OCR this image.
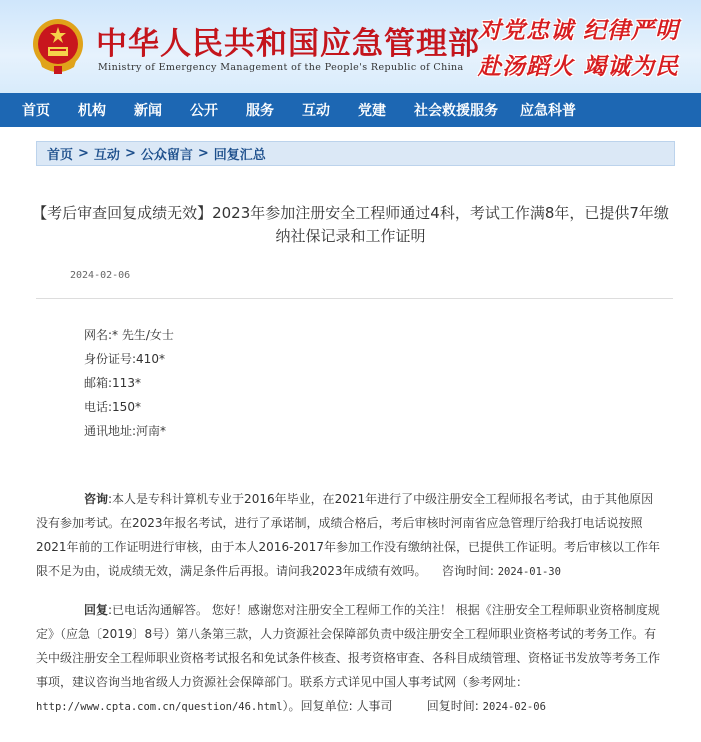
中华人民共和国应急管理部
Ministry of Emergency Management of the People's Republic of China
对党忠诚 纪律严明
赴汤蹈火 竭诚为民
首页 机构 新闻 公开 服务 互动 党建 社会救援服务 应急科普
首页 > 互动 > 公众留言 > 回复汇总
【考后审查回复成绩无效】2023年参加注册安全工程师通过4科，考试工作满8年，已提供7年缴纳社保记录和工作证明
2024-02-06
网名:* 先生/女士
身份证号:410*
邮箱:113*
电话:150*
通讯地址:河南*
咨询:本人是专科计算机专业于2016年毕业，在2021年进行了中级注册安全工程师报名考试，由于其他原因没有参加考试。在2023年报名考试，进行了承诺制，成绩合格后，考后审核时河南省应急管理厅给我打电话说按照2021年前的工作证明进行审核，由于本人2016-2017年参加工作没有缴纳社保，已提供工作证明。考后审核以工作年限不足为由，说成绩无效，满足条件后再报。请问我2023年成绩有效吗。 咨询时间: 2024-01-30
回复:已电话沟通解答。 您好！感谢您对注册安全工程师工作的关注！ 根据《注册安全工程师职业资格制度规定》（应急〔2019〕8号）第八条第三款，人力资源社会保障部负责中级注册安全工程师职业资格考试的考务工作。有关中级注册安全工程师职业资格考试报名和免试条件核查、报考资格审查、各科目成绩管理、资格证书发放等考务工作事项，建议咨询当地省级人力资源社会保障部门。联系方式详见中国人事考试网（参考网址：http://www.cpta.com.cn/question/46.html）。回复单位: 人事司	回复时间: 2024-02-06
